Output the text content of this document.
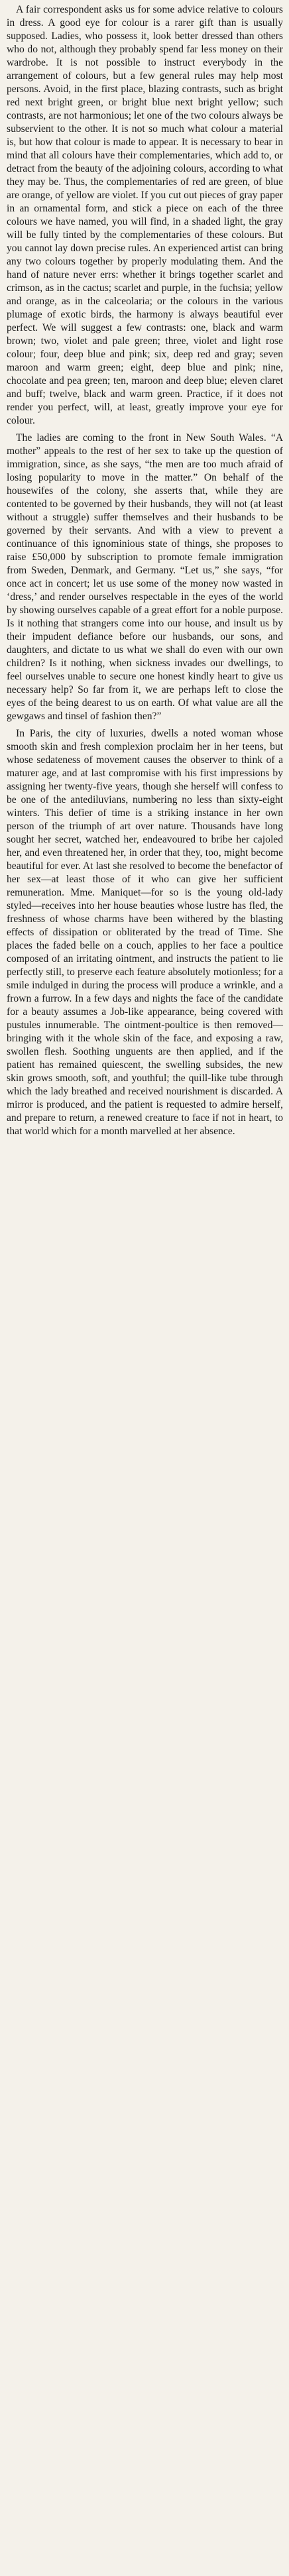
A fair correspondent asks us for some advice relative to colours in dress. A good eye for colour is a rarer gift than is usually supposed. Ladies, who possess it, look better dressed than others who do not, although they probably spend far less money on their wardrobe. It is not possible to instruct everybody in the arrangement of colours, but a few general rules may help most persons. Avoid, in the first place, blazing contrasts, such as bright red next bright green, or bright blue next bright yellow; such contrasts, are not harmonious; let one of the two colours always be subservient to the other. It is not so much what colour a material is, but how that colour is made to appear. It is necessary to bear in mind that all colours have their complementaries, which add to, or detract from the beauty of the adjoining colours, according to what they may be. Thus, the complementaries of red are green, of blue are orange, of yellow are violet. If you cut out pieces of gray paper in an ornamental form, and stick a piece on each of the three colours we have named, you will find, in a shaded light, the gray will be fully tinted by the complementaries of these colours. But you cannot lay down precise rules. An experienced artist can bring any two colours together by properly modulating them. And the hand of nature never errs: whether it brings together scarlet and crimson, as in the cactus; scarlet and purple, in the fuchsia; yellow and orange, as in the calceolaria; or the colours in the various plumage of exotic birds, the harmony is always beautiful ever perfect. We will suggest a few contrasts: one, black and warm brown; two, violet and pale green; three, violet and light rose colour; four, deep blue and pink; six, deep red and gray; seven maroon and warm green; eight, deep blue and pink; nine, chocolate and pea green; ten, maroon and deep blue; eleven claret and buff; twelve, black and warm green. Practice, if it does not render you perfect, will, at least, greatly improve your eye for colour.

The ladies are coming to the front in New South Wales. “A mother” appeals to the rest of her sex to take up the question of immigration, since, as she says, “the men are too much afraid of losing popularity to move in the matter.” On behalf of the housewifes of the colony, she asserts that, while they are contented to be governed by their husbands, they will not (at least without a struggle) suffer themselves and their husbands to be governed by their servants. And with a view to prevent a continuance of this ignominious state of things, she proposes to raise £50,000 by subscription to promote female immigration from Sweden, Denmark, and Germany. “Let us,” she says, “for once act in concert; let us use some of the money now wasted in ‘dress,’ and render ourselves respectable in the eyes of the world by showing ourselves capable of a great effort for a noble purpose. Is it nothing that strangers come into our house, and insult us by their impudent defiance before our husbands, our sons, and daughters, and dictate to us what we shall do even with our own children? Is it nothing, when sickness invades our dwellings, to feel ourselves unable to secure one honest kindly heart to give us necessary help? So far from it, we are perhaps left to close the eyes of the being dearest to us on earth. Of what value are all the gewgaws and tinsel of fashion then?”

In Paris, the city of luxuries, dwells a noted woman whose smooth skin and fresh complexion proclaim her in her teens, but whose sedateness of movement causes the observer to think of a maturer age, and at last compromise with his first impressions by assigning her twenty-five years, though she herself will confess to be one of the antediluvians, numbering no less than sixty-eight winters. This defier of time is a striking instance in her own person of the triumph of art over nature. Thousands have long sought her secret, watched her, endeavoured to bribe her cajoled her, and even threatened her, in order that they, too, might become beautiful for ever. At last she resolved to become the benefactor of her sex—at least those of it who can give her sufficient remuneration. Mme. Maniquet—for so is the young old-lady styled—receives into her house beauties whose lustre has fled, the freshness of whose charms have been withered by the blasting effects of dissipation or obliterated by the tread of Time. She places the faded belle on a couch, applies to her face a poultice composed of an irritating ointment, and instructs the patient to lie perfectly still, to preserve each feature absolutely motionless; for a smile indulged in during the process will produce a wrinkle, and a frown a furrow. In a few days and nights the face of the candidate for a beauty assumes a Job-like appearance, being covered with pustules innumerable. The ointment-poultice is then removed—bringing with it the whole skin of the face, and exposing a raw, swollen flesh. Soothing unguents are then applied, and if the patient has remained quiescent, the swelling subsides, the new skin grows smooth, soft, and youthful; the quill-like tube through which the lady breathed and received nourishment is discarded. A mirror is produced, and the patient is requested to admire herself, and prepare to return, a renewed creature to face if not in heart, to that world which for a month marvelled at her absence.
